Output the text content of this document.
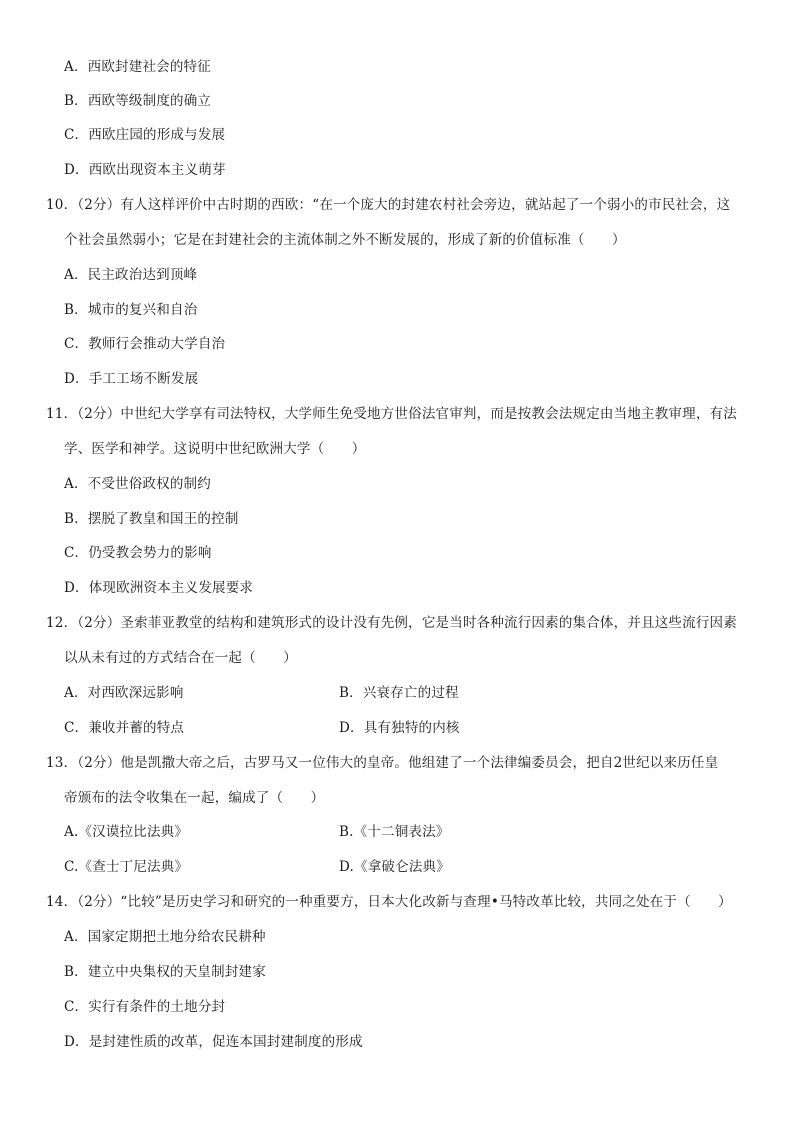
A．西欧封建社会的特征
B．西欧等级制度的确立
C．西欧庄园的形成与发展
D．西欧出现资本主义萌芽
10．（2分）有人这样评价中古时期的西欧：“在一个庞大的封建农村社会旁边，就站起了一个弱小的市民社会，这
个社会虽然弱小；它是在封建社会的主流体制之外不断发展的，形成了新的价值标准（　　）
A．民主政治达到顶峰
B．城市的复兴和自治
C．教师行会推动大学自治
D．手工工场不断发展
11．（2分）中世纪大学享有司法特权，大学师生免受地方世俗法官审判，而是按教会法规定由当地主教审理，有法
学、医学和神学。这说明中世纪欧洲大学（　　）
A．不受世俗政权的制约
B．摆脱了教皇和国王的控制
C．仍受教会势力的影响
D．体现欧洲资本主义发展要求
12．（2分）圣索菲亚教堂的结构和建筑形式的设计没有先例，它是当时各种流行因素的集合体，并且这些流行因素
以从未有过的方式结合在一起（　　）
A．对西欧深远影响	B．兴衰存亡的过程
C．兼收并蓄的特点	D．具有独特的内核
13．（2分）他是凯撒大帝之后，古罗马又一位伟大的皇帝。他组建了一个法律编委员会，把自2世纪以来历任皇
帝颁布的法令收集在一起，编成了（　　）
A.《汉谟拉比法典》	B.《十二铜表法》
C.《查士丁尼法典》	D.《拿破仑法典》
14．（2分）“比较”是历史学习和研究的一种重要方，日本大化改新与查理•马特改革比较，共同之处在于（　　）
A．国家定期把土地分给农民耕种
B．建立中央集权的天皇制封建家
C．实行有条件的土地分封
D．是封建性质的改革，促连本国封建制度的形成
